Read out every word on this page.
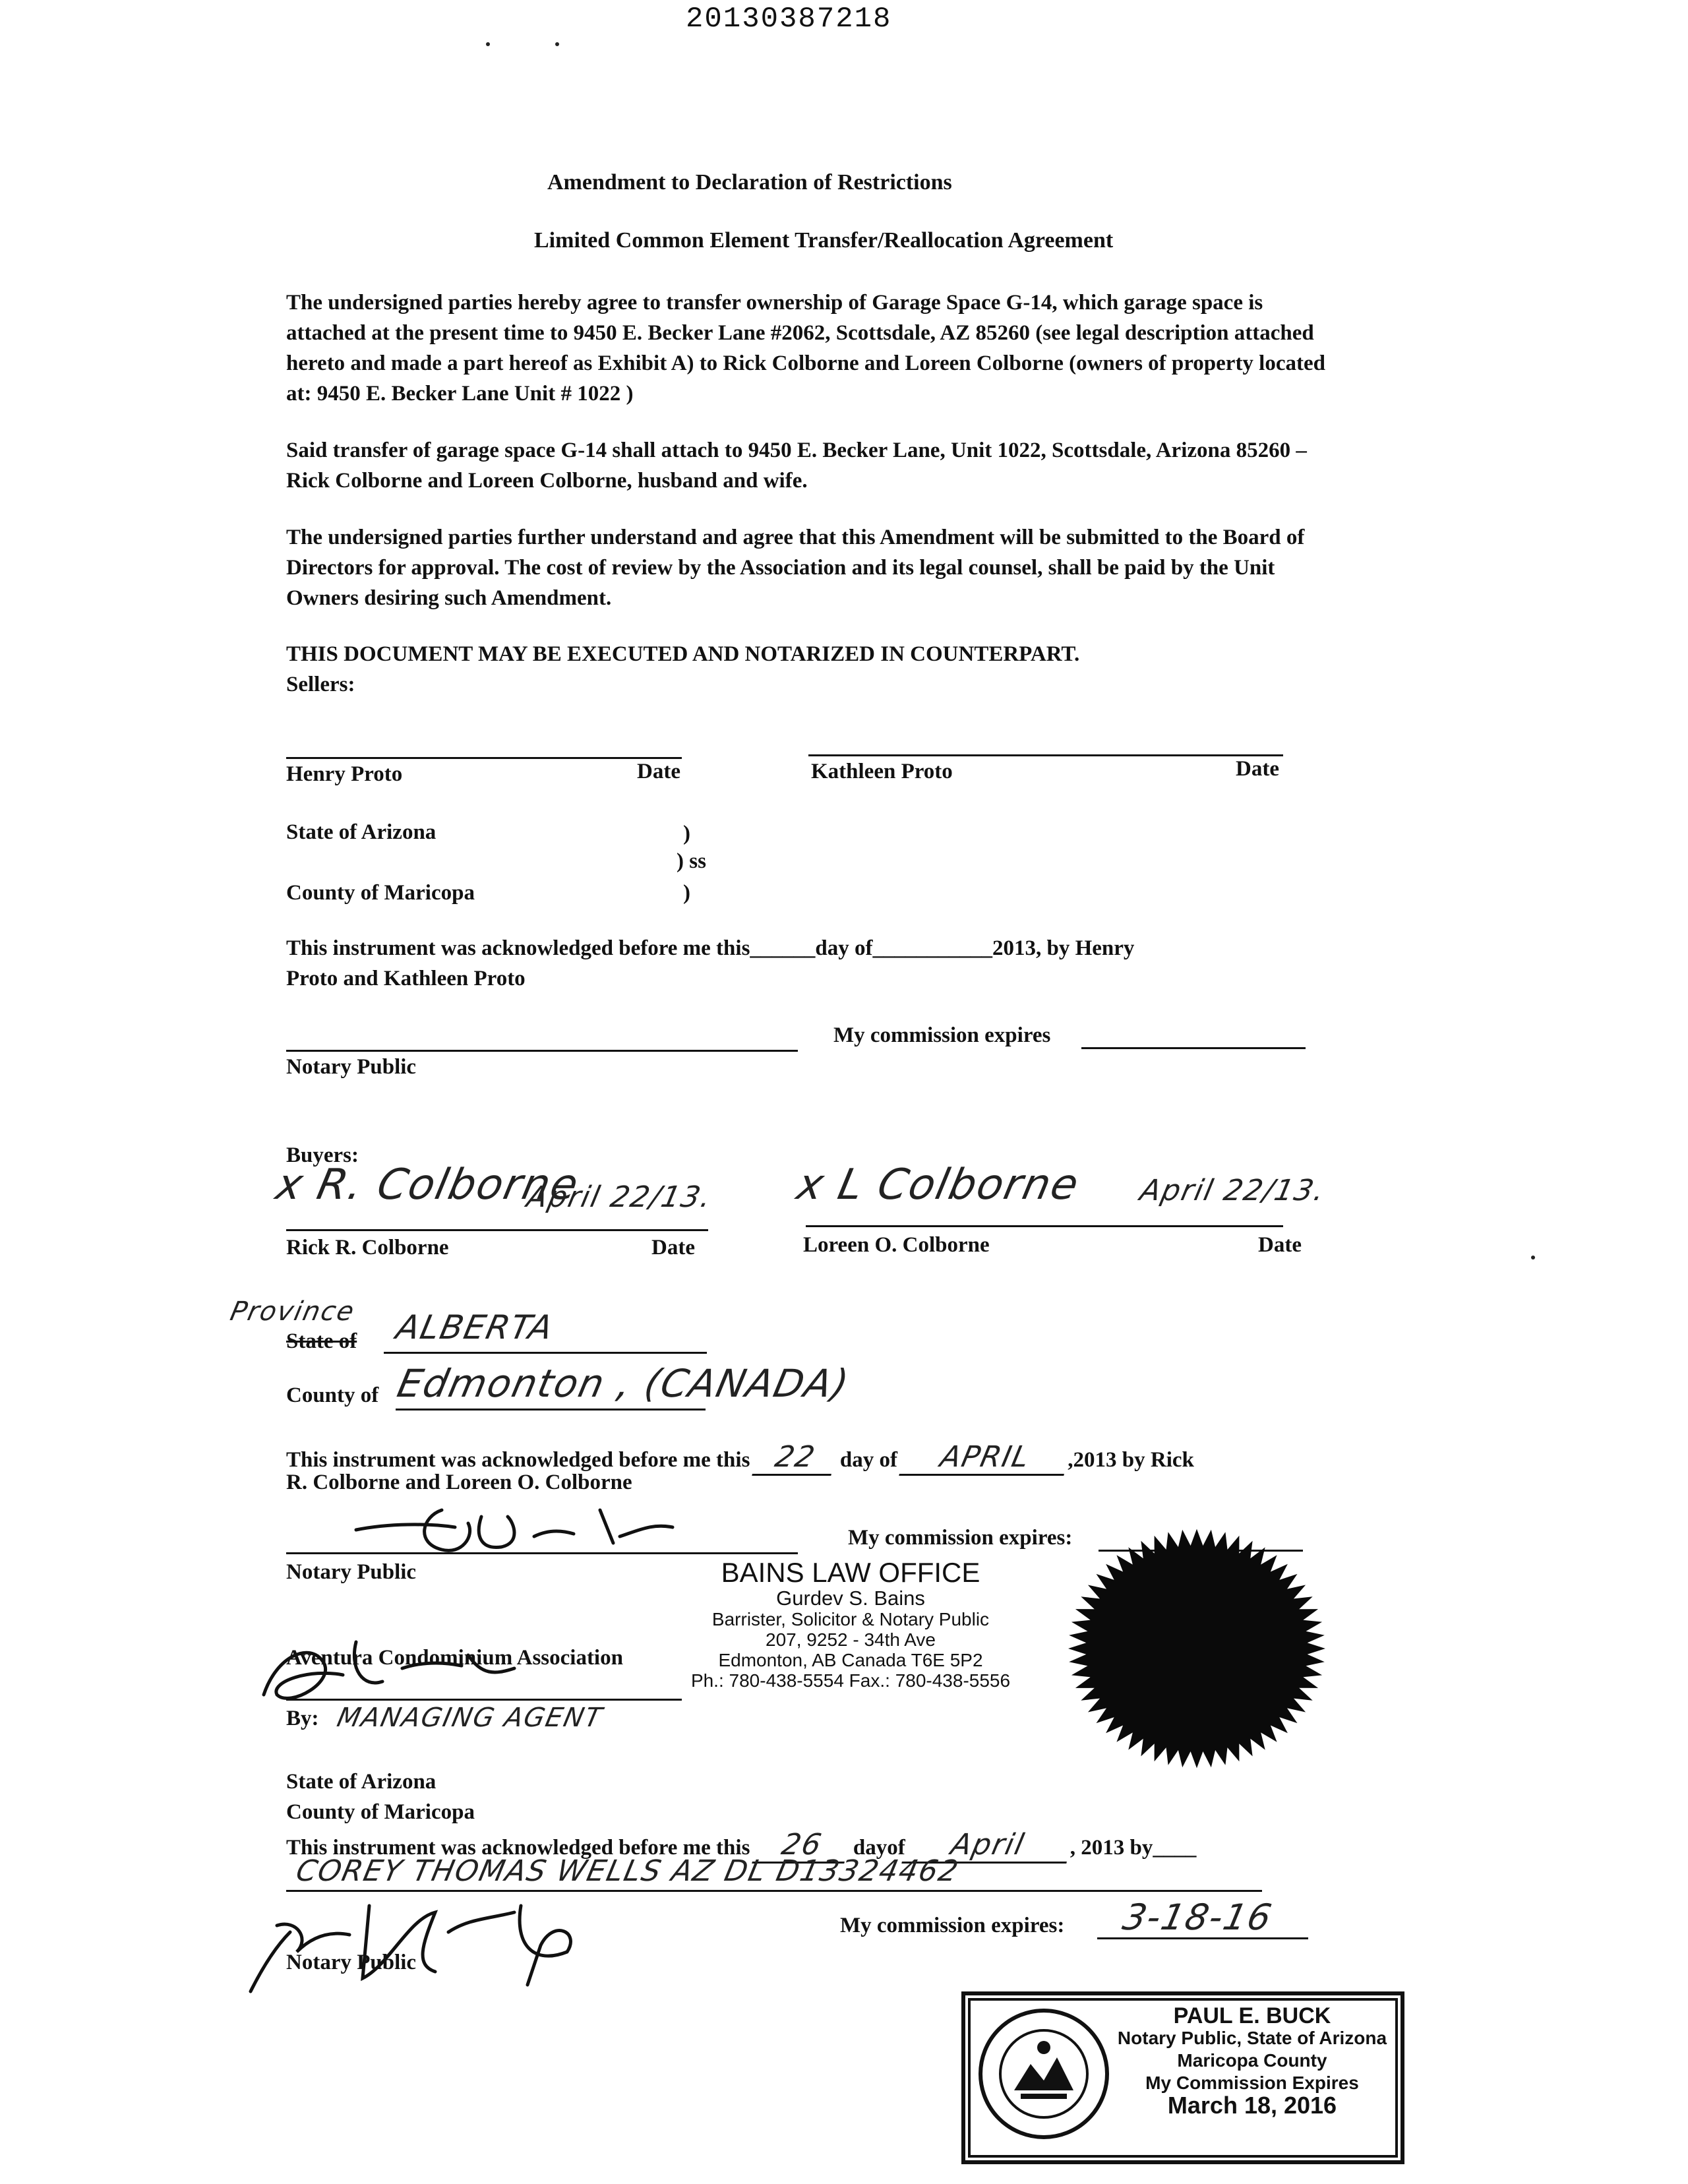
20130387218
Amendment to Declaration of Restrictions
Limited Common Element Transfer/Reallocation Agreement
The undersigned parties hereby agree to transfer ownership of Garage Space G-14, which garage space is attached at the present time to 9450 E. Becker Lane #2062, Scottsdale, AZ 85260 (see legal description attached hereto and made a part hereof as Exhibit A) to Rick Colborne and Loreen Colborne (owners of property located at: 9450 E. Becker Lane Unit # 1022 )
Said transfer of garage space G-14 shall attach to 9450 E. Becker Lane, Unit 1022, Scottsdale, Arizona 85260 – Rick Colborne and Loreen Colborne, husband and wife.
The undersigned parties further understand and agree that this Amendment will be submitted to the Board of Directors for approval. The cost of review by the Association and its legal counsel, shall be paid by the Unit Owners desiring such Amendment.
THIS DOCUMENT MAY BE EXECUTED AND NOTARIZED IN COUNTERPART.
Sellers:
Henry Proto	Date	Kathleen Proto	Date
State of Arizona	)
) ss
County of Maricopa	)
This instrument was acknowledged before me this______day of___________2013, by Henry
Proto and Kathleen Proto
My commission expires
Notary Public
Buyers:
x R. Colborne
April 22/13. x L Colborne April 22/13.
Rick R. Colborne	Date	Loreen O. Colborne	Date
Province
State of ALBERTA
County of Edmonton , (CANADA)
This instrument was acknowledged before me this 22 day of APRIL ,2013 by Rick
R. Colborne and Loreen O. Colborne
My commission expires:
Notary Public	BAINS LAW OFFICE
Gurdev S. Bains
Barrister, Solicitor & Notary Public
207, 9252 - 34th Ave
Edmonton, AB Canada T6E 5P2
Ph.: 780-438-5554 Fax.: 780-438-5556
Aventura Condominium Association
By: MANAGING AGENT
State of Arizona
County of Maricopa
This instrument was acknowledged before me this 26 dayof April , 2013 by____
COREY THOMAS WELLS AZ DL D13324462
My commission expires: 3-18-16
Notary Public
PAUL E. BUCK
Notary Public, State of Arizona
Maricopa County
My Commission Expires
March 18, 2016
